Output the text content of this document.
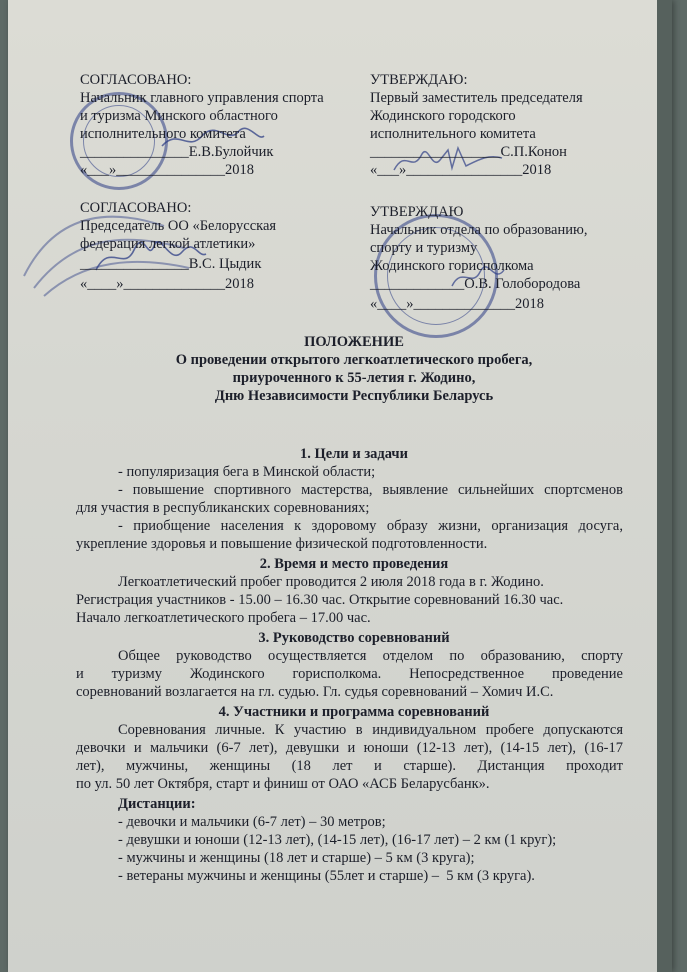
СОГЛАСОВАНО:
Начальник главного управления спорта
и туризма Минского областного
исполнительного комитета
_______________Е.В.Булойчик
«___»_______________2018
УТВЕРЖДАЮ:
Первый заместитель председателя
Жодинского городского
исполнительного комитета
__________________С.П.Конон
«___»________________2018
СОГЛАСОВАНО:
Председатель ОО «Белорусская
федерация легкой атлетики»
_______________В.С. Цыдик
«____»______________2018
УТВЕРЖДАЮ
Начальник отдела по образованию,
спорту и туризму
Жодинского горисполкома
_____________О.В. Голобородова
«____»______________2018
ПОЛОЖЕНИЕ
О проведении открытого легкоатлетического пробега,
приуроченного к 55-летия г. Жодино,
Дню Независимости Республики Беларусь
1. Цели и задачи
- популяризация бега в Минской области;
- повышение спортивного мастерства, выявление сильнейших спортсменов
для участия в республиканских соревнованиях;
- приобщение населения к здоровому образу жизни, организация досуга,
укрепление здоровья и повышение физической подготовленности.
2. Время и место проведения
Легкоатлетический пробег проводится 2 июля 2018 года в г. Жодино.
Регистрация участников - 15.00 – 16.30 час. Открытие соревнований 16.30 час.
Начало легкоатлетического пробега – 17.00 час.
3. Руководство соревнований
Общее руководство осуществляется отделом по образованию, спорту
и туризму Жодинского горисполкома. Непосредственное проведение
соревнований возлагается на гл. судью. Гл. судья соревнований – Хомич И.С.
4. Участники и программа соревнований
Соревнования личные. К участию в индивидуальном пробеге допускаются
девочки и мальчики (6-7 лет), девушки и юноши (12-13 лет), (14-15 лет), (16-17
лет), мужчины, женщины (18 лет и старше). Дистанция проходит
по ул. 50 лет Октября, старт и финиш от ОАО «АСБ Беларусбанк».
Дистанции:
- девочки и мальчики (6-7 лет) – 30 метров;
- девушки и юноши (12-13 лет), (14-15 лет), (16-17 лет) – 2 км (1 круг);
- мужчины и женщины (18 лет и старше) – 5 км (3 круга);
- ветераны мужчины и женщины (55лет и старше) –  5 км (3 круга).
